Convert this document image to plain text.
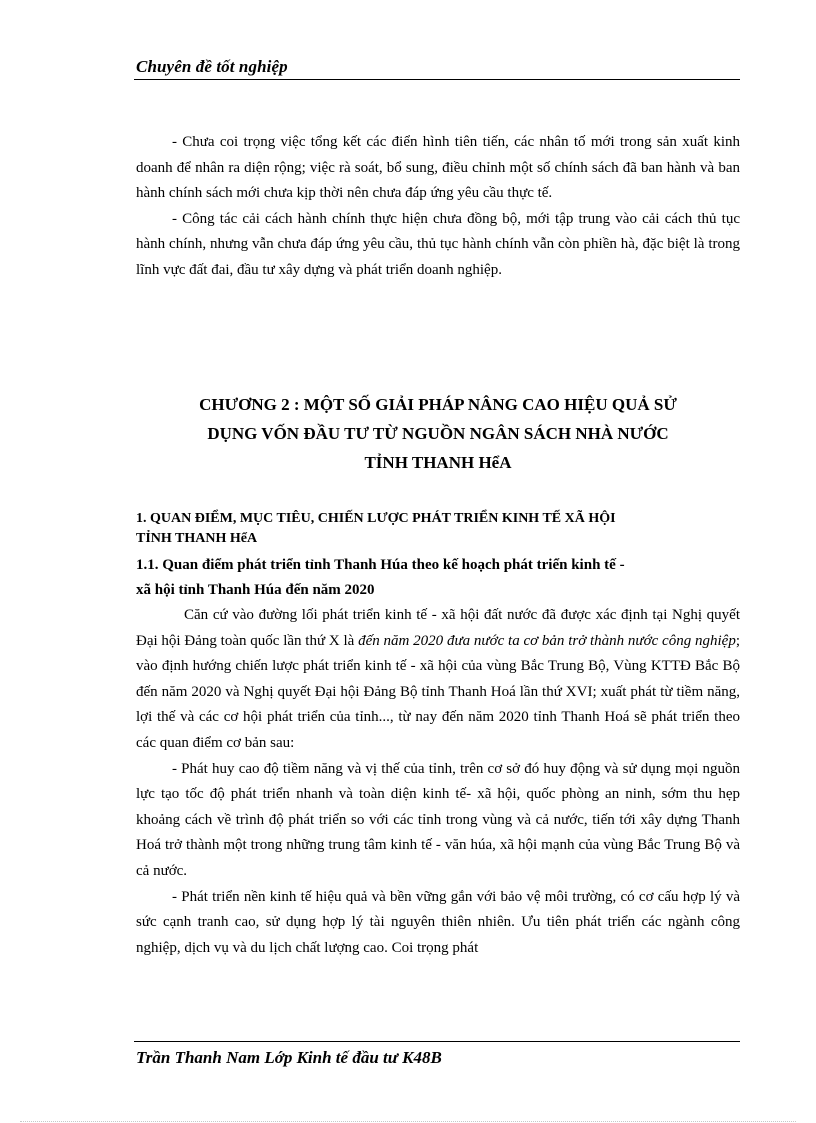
Chuyên đề tốt nghiệp

- Chưa coi trọng việc tổng kết các điển hình tiên tiến, các nhân tố mới trong sản xuất kinh doanh để nhân ra diện rộng; việc rà soát, bổ sung, điều chỉnh một số chính sách đã ban hành và ban hành chính sách mới chưa kịp thời nên chưa đáp ứng yêu cầu thực tế.

- Công tác cải cách hành chính thực hiện chưa đồng bộ, mới tập trung vào cải cách thủ tục hành chính, nhưng vẫn chưa đáp ứng yêu cầu, thủ tục hành chính vẫn còn phiền hà, đặc biệt là trong lĩnh vực đất đai, đầu tư xây dựng và phát triển doanh nghiệp.

CHƯƠNG 2 : MỘT SỐ GIẢI PHÁP NÂNG CAO HIỆU QUẢ SỬ
DỤNG VỐN ĐẦU TƯ TỪ NGUỒN NGÂN SÁCH NHÀ NƯỚC
TỈNH THANH HểA
1. QUAN ĐIỂM, MỤC TIÊU, CHIẾN LƯỢC PHÁT TRIỂN KINH TẾ XÃ HỘI
TỈNH THANH HểA
1.1. Quan điểm phát triển tỉnh Thanh Húa theo kế hoạch phát triển kinh tế -
xã hội tỉnh Thanh Húa đến năm 2020

Căn cứ vào đường lối phát triển kinh tế - xã hội đất nước đã được xác định tại Nghị quyết Đại hội Đảng toàn quốc lần thứ X là đến năm 2020 đưa nước ta cơ bản trở thành nước công nghiệp; vào định hướng chiến lược phát triển kinh tế - xã hội của vùng Bắc Trung Bộ, Vùng KTTĐ Bắc Bộ đến năm 2020 và Nghị quyết Đại hội Đảng Bộ tỉnh Thanh Hoá lần thứ XVI; xuất phát từ tiềm năng, lợi thế và các cơ hội phát triển của tỉnh..., từ nay đến năm 2020 tỉnh Thanh Hoá sẽ phát triển theo các quan điểm cơ bản sau:

- Phát huy cao độ tiềm năng và vị thế của tỉnh, trên cơ sở đó huy động và sử dụng mọi nguồn lực tạo tốc độ phát triển nhanh và toàn diện kinh tế- xã hội, quốc phòng an ninh, sớm thu hẹp khoảng cách về trình độ phát triển so với các tỉnh trong vùng và cả nước, tiến tới xây dựng Thanh Hoá trở thành một trong những trung tâm kinh tế - văn húa, xã hội mạnh của vùng Bắc Trung Bộ và cả nước.

- Phát triển nền kinh tế hiệu quả và bền vững gắn với bảo vệ môi trường, có cơ cấu hợp lý và sức cạnh tranh cao, sử dụng hợp lý tài nguyên thiên nhiên. Ưu tiên phát triển các ngành công nghiệp, dịch vụ và du lịch chất lượng cao. Coi trọng phát

Trần Thanh Nam Lớp Kinh tế đầu tư K48B
